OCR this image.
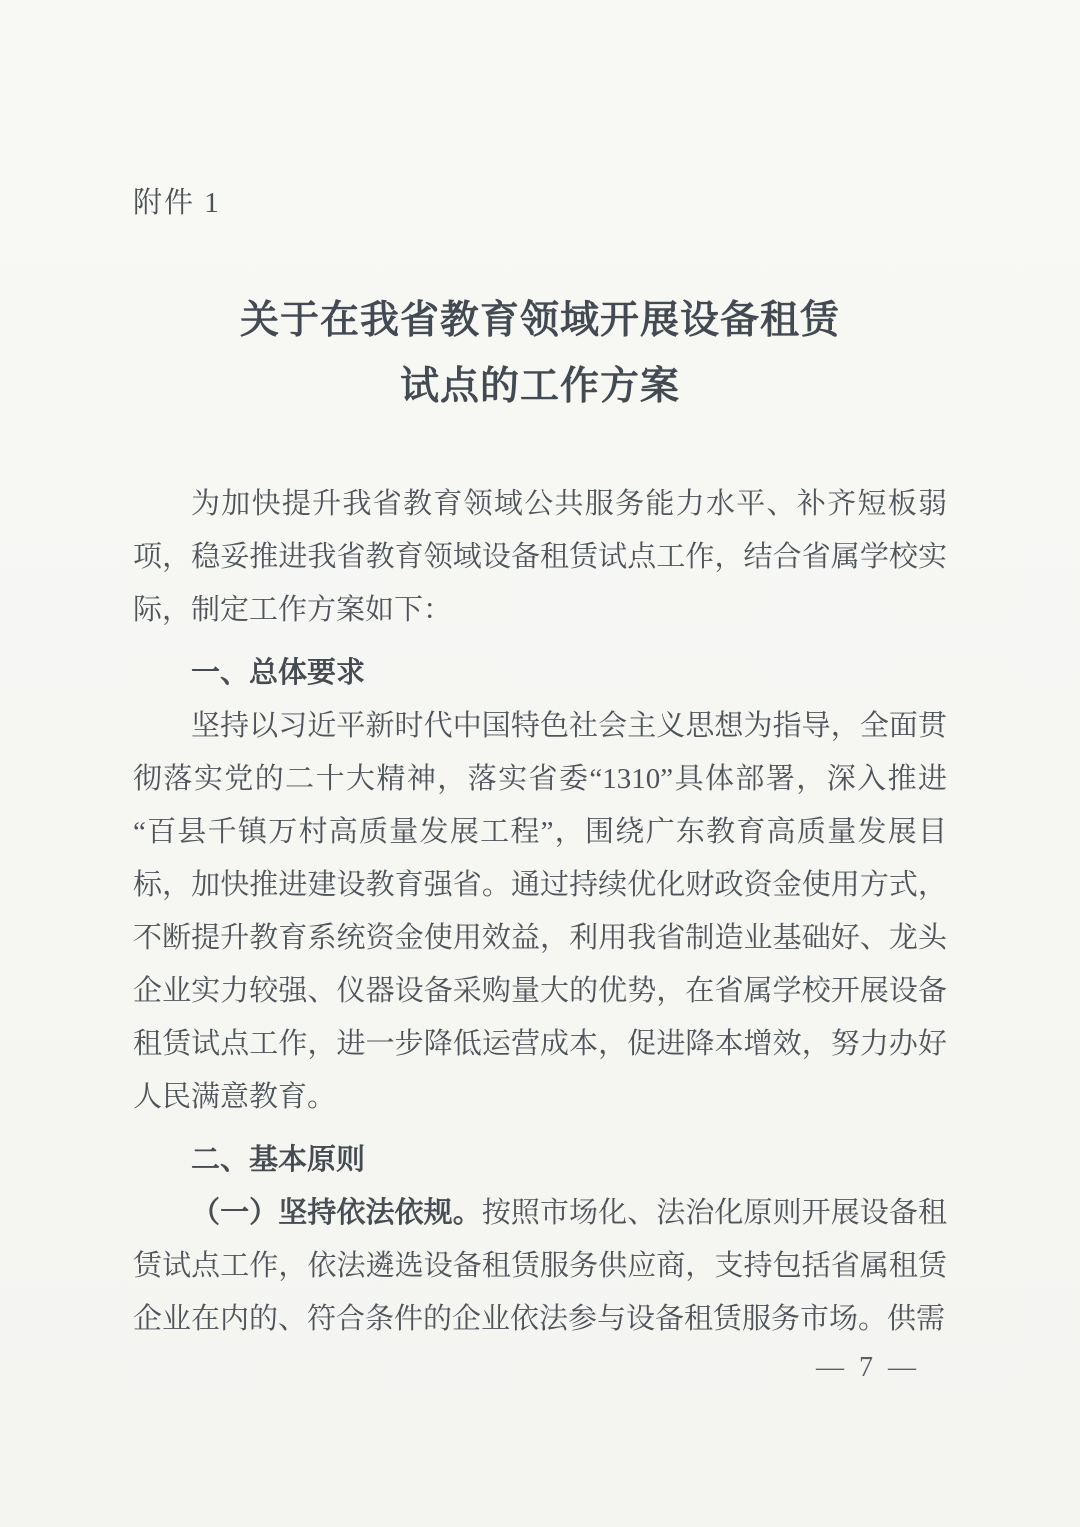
附件 1
关于在我省教育领域开展设备租赁
试点的工作方案

为加快提升我省教育领域公共服务能力水平、补齐短板弱项，稳妥推进我省教育领域设备租赁试点工作，结合省属学校实际，制定工作方案如下：

一、总体要求

坚持以习近平新时代中国特色社会主义思想为指导，全面贯彻落实党的二十大精神，落实省委“1310”具体部署，深入推进“百县千镇万村高质量发展工程”，围绕广东教育高质量发展目标，加快推进建设教育强省。通过持续优化财政资金使用方式，不断提升教育系统资金使用效益，利用我省制造业基础好、龙头企业实力较强、仪器设备采购量大的优势，在省属学校开展设备租赁试点工作，进一步降低运营成本，促进降本增效，努力办好人民满意教育。

二、基本原则

（一）坚持依法依规。按照市场化、法治化原则开展设备租赁试点工作，依法遴选设备租赁服务供应商，支持包括省属租赁企业在内的、符合条件的企业依法参与设备租赁服务市场。供需

— 7 —
